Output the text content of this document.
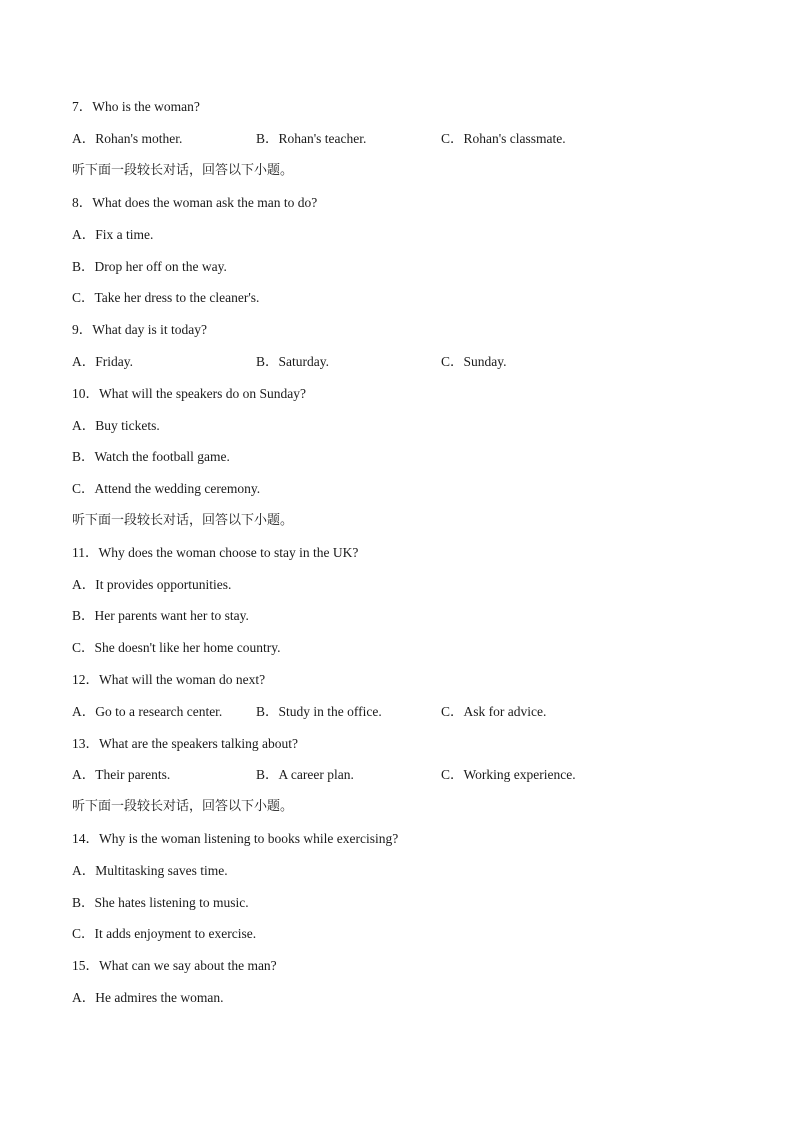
7．Who is the woman?
A．Rohan's mother.	B．Rohan's teacher.	C．Rohan's classmate.
听下面一段较长对话，回答以下小题。
8．What does the woman ask the man to do?
A．Fix a time.
B．Drop her off on the way.
C．Take her dress to the cleaner's.
9．What day is it today?
A．Friday.	B．Saturday.	C．Sunday.
10．What will the speakers do on Sunday?
A．Buy tickets.
B．Watch the football game.
C．Attend the wedding ceremony.
听下面一段较长对话，回答以下小题。
11．Why does the woman choose to stay in the UK?
A．It provides opportunities.
B．Her parents want her to stay.
C．She doesn't like her home country.
12．What will the woman do next?
A．Go to a research center. B．Study in the office.	C．Ask for advice.
13．What are the speakers talking about?
A．Their parents.	B．A career plan.	C．Working experience.
听下面一段较长对话，回答以下小题。
14．Why is the woman listening to books while exercising?
A．Multitasking saves time.
B．She hates listening to music.
C．It adds enjoyment to exercise.
15．What can we say about the man?
A．He admires the woman.
